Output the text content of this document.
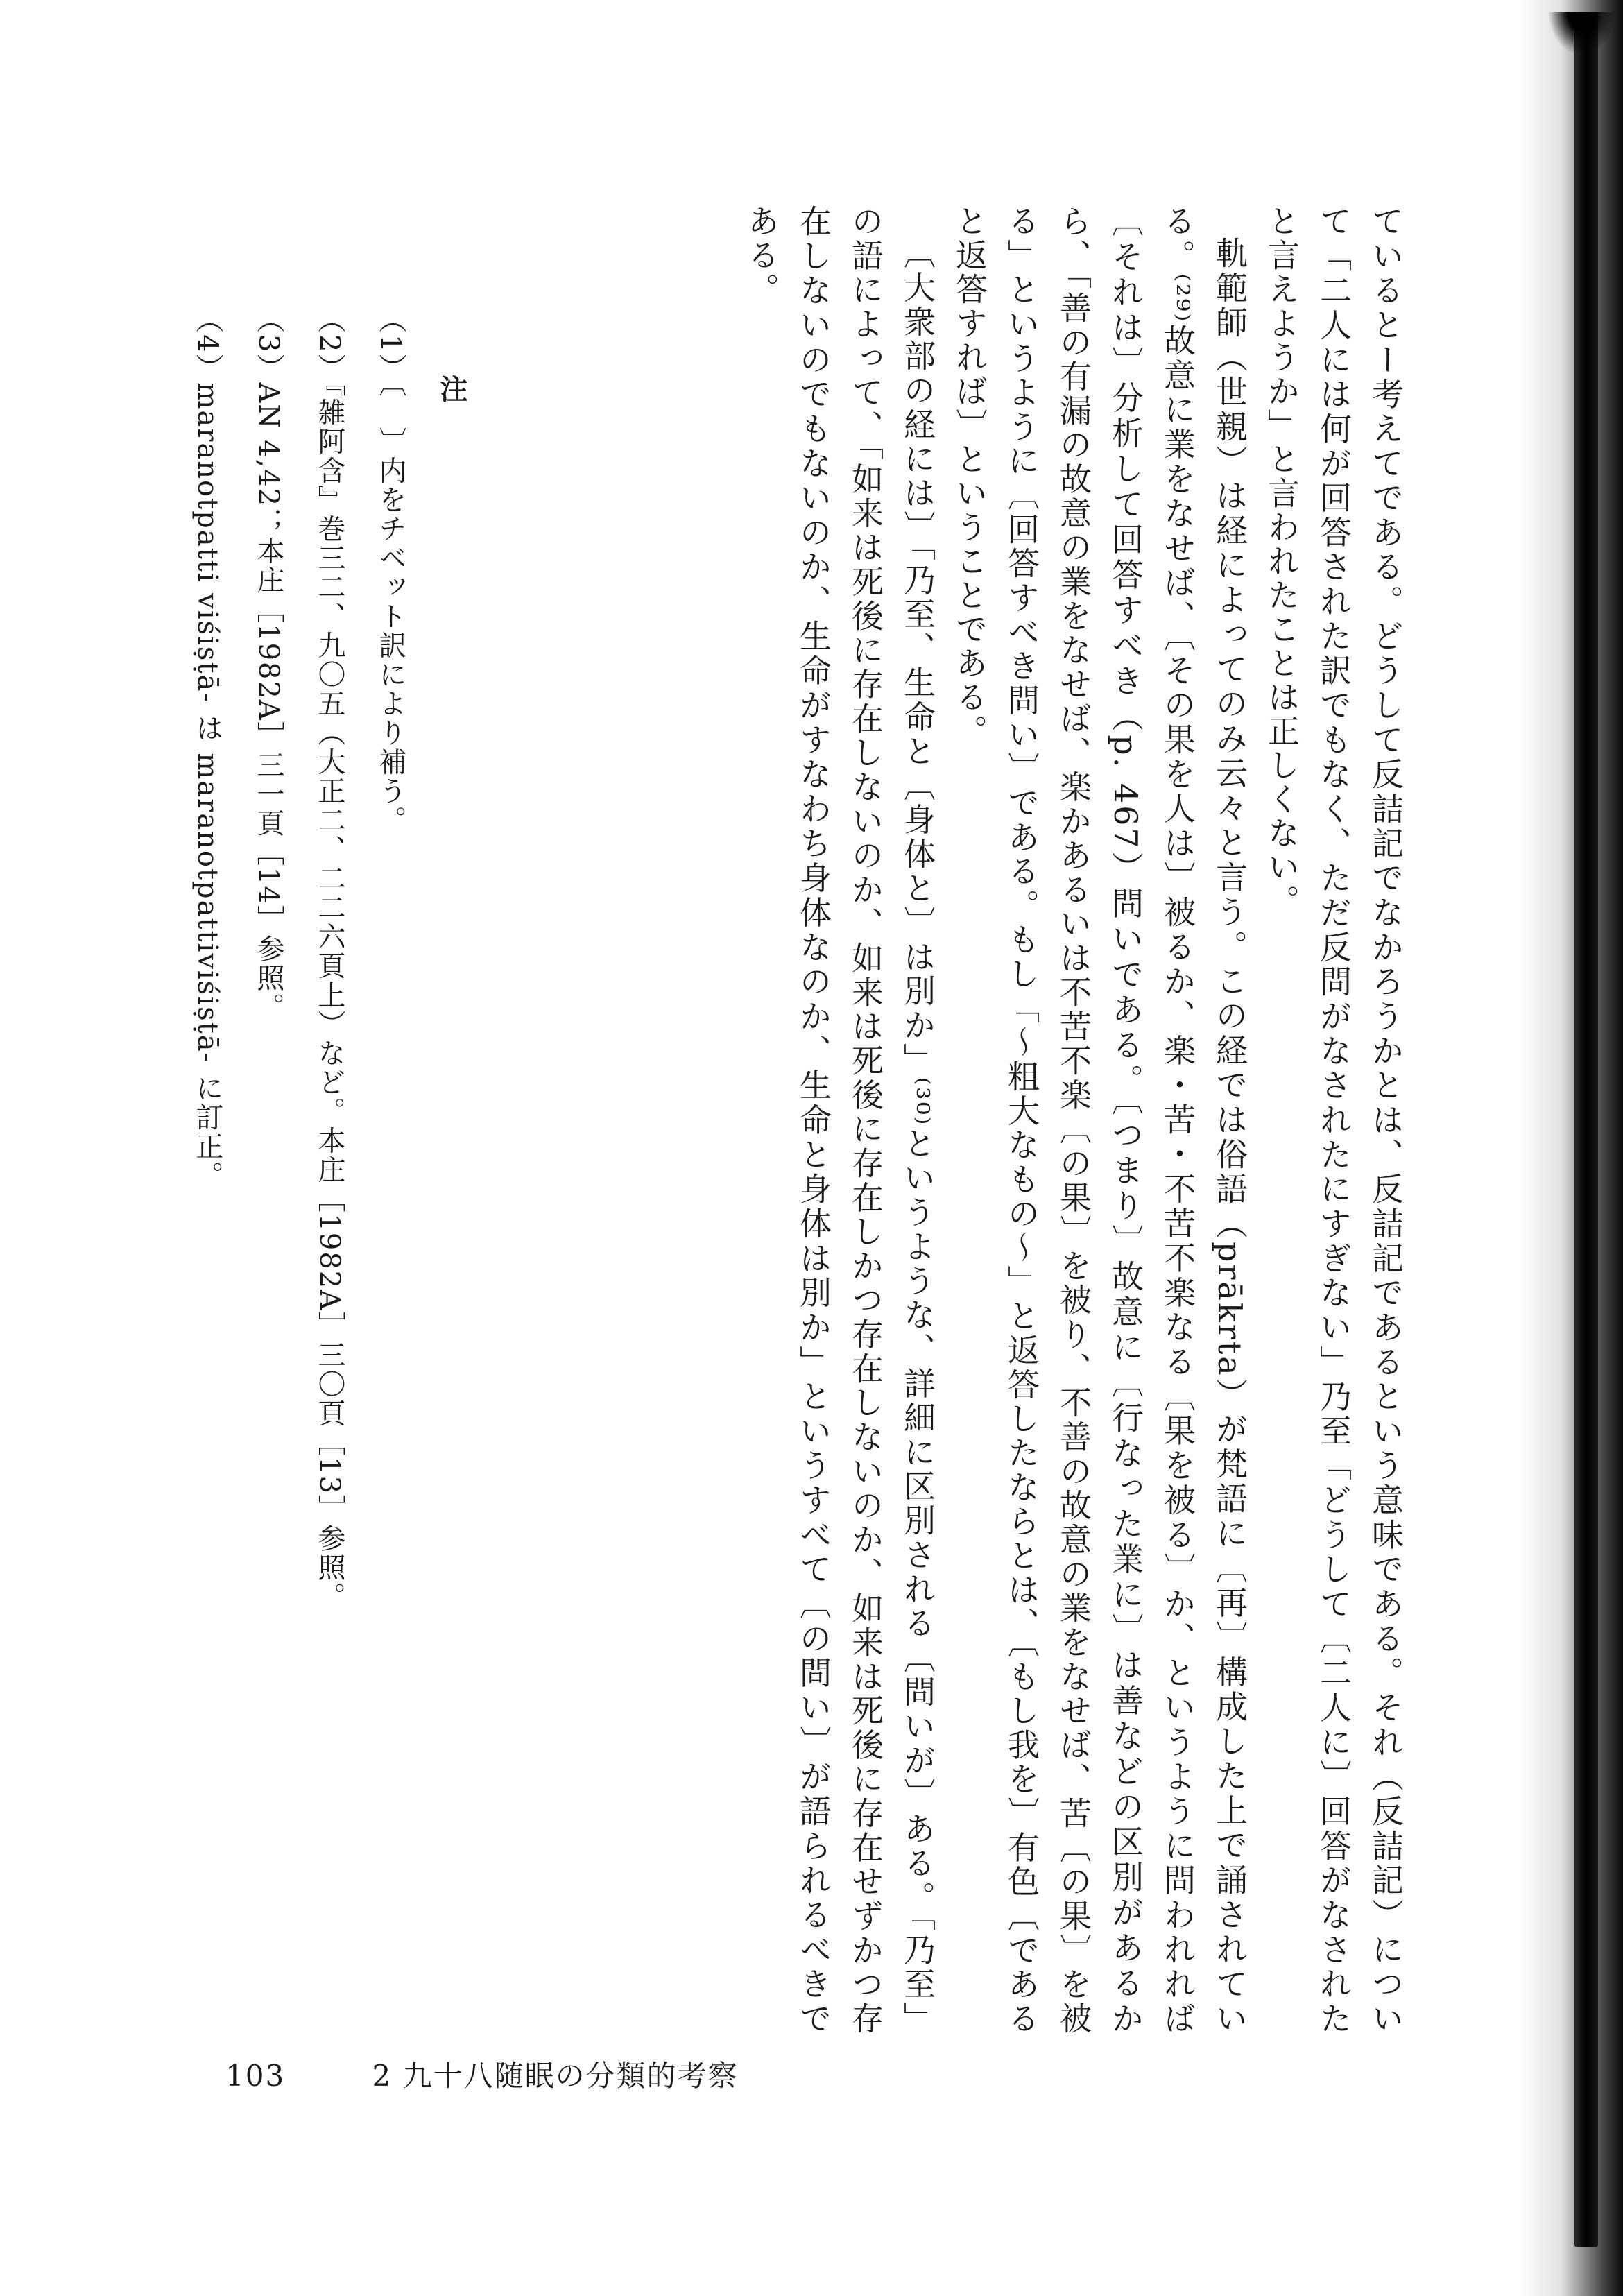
ているとー考えてである。どうして反詰記でなかろうかとは、反詰記であるという意味である。それ（反詰記）について「二人には何が回答された訳でもなく、ただ反問がなされたにすぎない」乃至「どうして〔二人に〕回答がなされたと言えようか」と言われたことは正しくない。

軌範師（世親）は経によってのみ云々と言う。この経では俗語（prākrta）が梵語に〔再〕構成した上で誦されている。⁽²⁹⁾故意に業をなせば、〔その果を人は〕被るか、楽・苦・不苦不楽なる〔果を被る〕か、というように問われれば〔それは〕分析して回答すべき（p. 467）問いである。〔つまり〕故意に〔行なった業に〕は善などの区別があるから、「善の有漏の故意の業をなせば、楽かあるいは不苦不楽〔の果〕を被り、不善の故意の業をなせば、苦〔の果〕を被る」というように〔回答すべき問い〕である。もし「～粗大なもの～」と返答したならとは、〔もし我を〕有色〔であると返答すれば〕ということである。

〔大衆部の経には〕「乃至、生命と〔身体と〕は別か」⁽³⁰⁾というような、詳細に区別される〔問いが〕ある。「乃至」の語によって、「如来は死後に存在しないのか、如来は死後に存在しかつ存在しないのか、如来は死後に存在せずかつ存在しないのでもないのか、生命がすなわち身体なのか、生命と身体は別か」というすべて〔の問い〕が語られるべきである。

注

（1）〔　〕内をチベット訳により補う。

（2）『雑阿含』巻三二、九〇五（大正二、二二六頁上）など。本庄［1982A］三〇頁［13］参照。

（3）AN 4,42；本庄［1982A］三一頁［14］参照。

（4）maranotpatti viśiṣṭā- は maranotpattiviśiṣṭā- に訂正。

103	2 九十八随眠の分類的考察
